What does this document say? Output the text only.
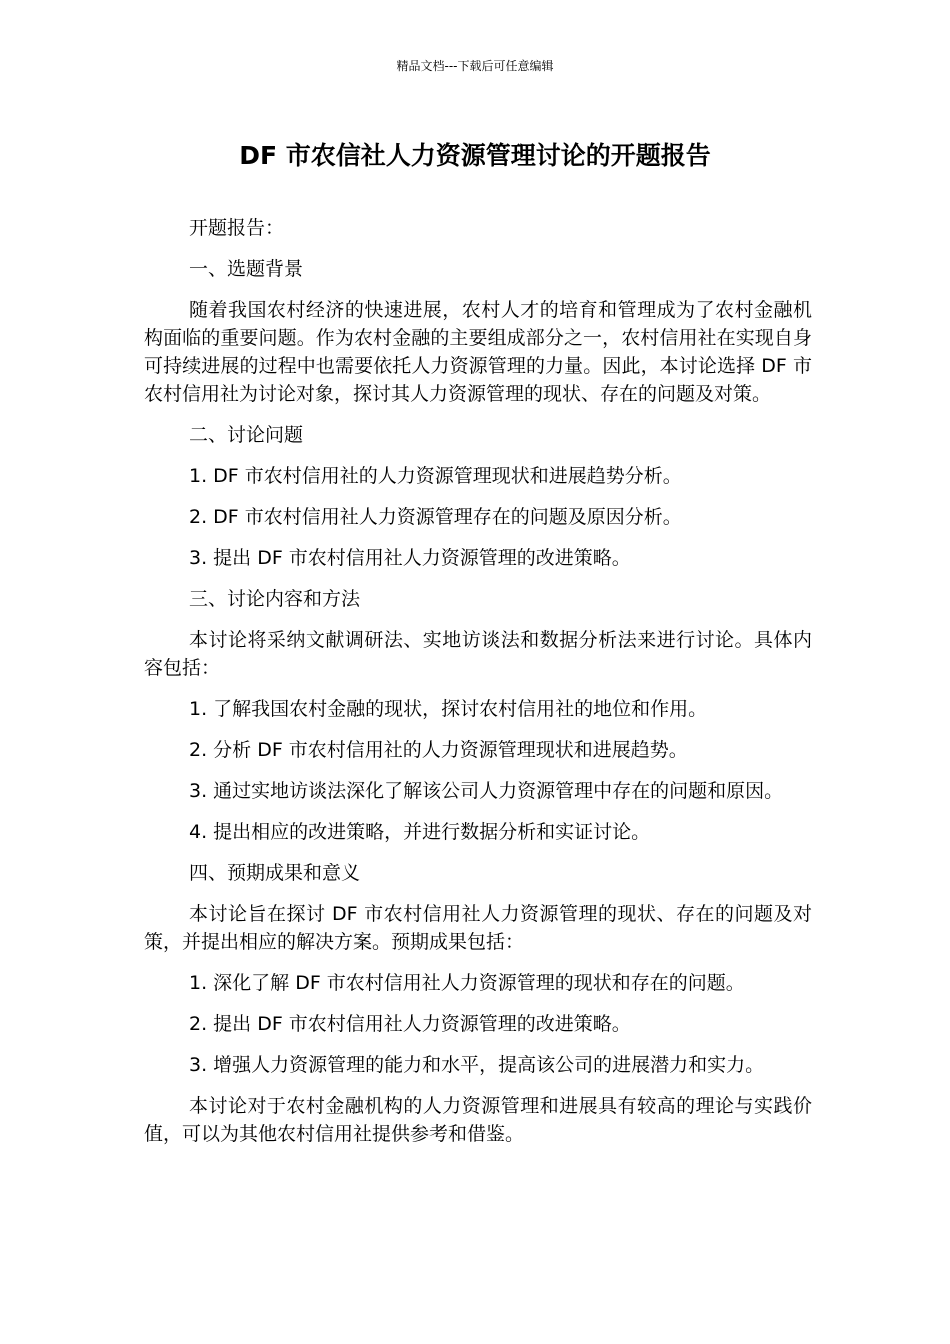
精品文档---下载后可任意编辑
DF 市农信社人力资源管理讨论的开题报告

开题报告：

一、选题背景

随着我国农村经济的快速进展，农村人才的培育和管理成为了农村金融机构面临的重要问题。作为农村金融的主要组成部分之一，农村信用社在实现自身可持续进展的过程中也需要依托人力资源管理的力量。因此，本讨论选择 DF 市农村信用社为讨论对象，探讨其人力资源管理的现状、存在的问题及对策。

二、讨论问题

1. DF 市农村信用社的人力资源管理现状和进展趋势分析。

2. DF 市农村信用社人力资源管理存在的问题及原因分析。

3. 提出 DF 市农村信用社人力资源管理的改进策略。

三、讨论内容和方法

本讨论将采纳文献调研法、实地访谈法和数据分析法来进行讨论。具体内容包括：

1. 了解我国农村金融的现状，探讨农村信用社的地位和作用。

2. 分析 DF 市农村信用社的人力资源管理现状和进展趋势。

3. 通过实地访谈法深化了解该公司人力资源管理中存在的问题和原因。

4. 提出相应的改进策略，并进行数据分析和实证讨论。

四、预期成果和意义

本讨论旨在探讨 DF 市农村信用社人力资源管理的现状、存在的问题及对策，并提出相应的解决方案。预期成果包括：

1. 深化了解 DF 市农村信用社人力资源管理的现状和存在的问题。

2. 提出 DF 市农村信用社人力资源管理的改进策略。

3. 增强人力资源管理的能力和水平，提高该公司的进展潜力和实力。

本讨论对于农村金融机构的人力资源管理和进展具有较高的理论与实践价值，可以为其他农村信用社提供参考和借鉴。
